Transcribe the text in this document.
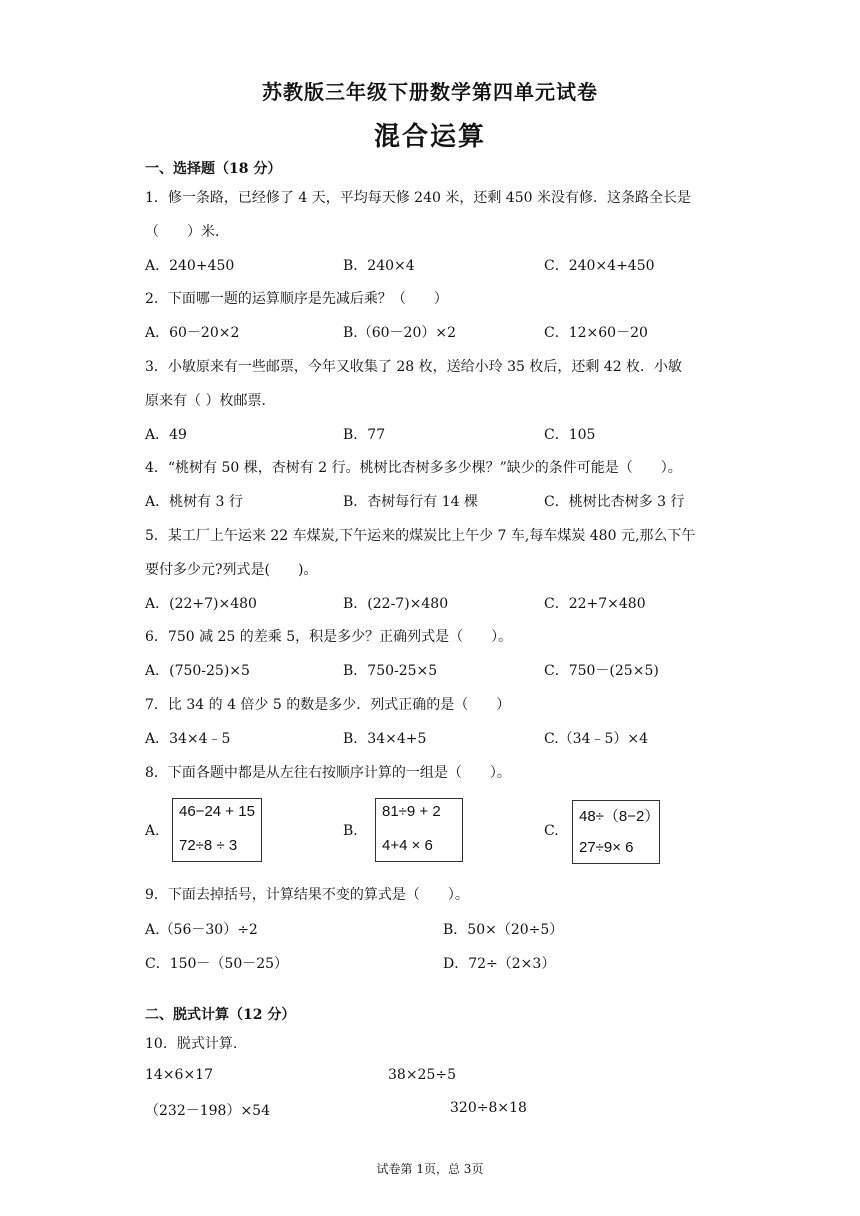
苏教版三年级下册数学第四单元试卷
混合运算
一、选择题（18 分）
1．修一条路，已经修了 4 天，平均每天修 240 米，还剩 450 米没有修．这条路全长是
（　　）米．
A．240+450	B．240×4	C．240×4+450
2．下面哪一题的运算顺序是先减后乘？（　　）
A．60－20×2	B.（60－20）×2	C．12×60－20
3．小敏原来有一些邮票，今年又收集了 28 枚，送给小玲 35 枚后，还剩 42 枚．小敏
原来有（ ）枚邮票．
A．49	B．77	C．105
4．“桃树有 50 棵，杏树有 2 行。桃树比杏树多多少棵？”缺少的条件可能是（　　）。
A．桃树有 3 行	B．杏树每行有 14 棵	C．桃树比杏树多 3 行
5．某工厂上午运来 22 车煤炭,下午运来的煤炭比上午少 7 车,每车煤炭 480 元,那么下午
要付多少元?列式是(　　)。
A．(22+7)×480	B．(22-7)×480	C．22+7×480
6．750 减 25 的差乘 5，积是多少？正确列式是（　　）。
A．(750-25)×5	B．750-25×5	C．750－(25×5)
7．比 34 的 4 倍少 5 的数是多少．列式正确的是（　　）
A．34×4﹣5	B．34×4+5	C.（34﹣5）×4
8．下面各题中都是从左往右按顺序计算的一组是（　　）。
A.
46−24 + 15
72÷8 ÷ 3
B.
81÷9 + 2
4+4 × 6
C.
48÷（8−2）
27÷9× 6
9．下面去掉括号，计算结果不变的算式是（　　）。
A.（56－30）÷2	B．50×（20÷5）
C．150－（50－25）	D．72÷（2×3）
二、脱式计算（12 分）
10．脱式计算.
14×6×17	38×25÷5
（232－198）×54	320÷8×18
试卷第 1页，总 3页
